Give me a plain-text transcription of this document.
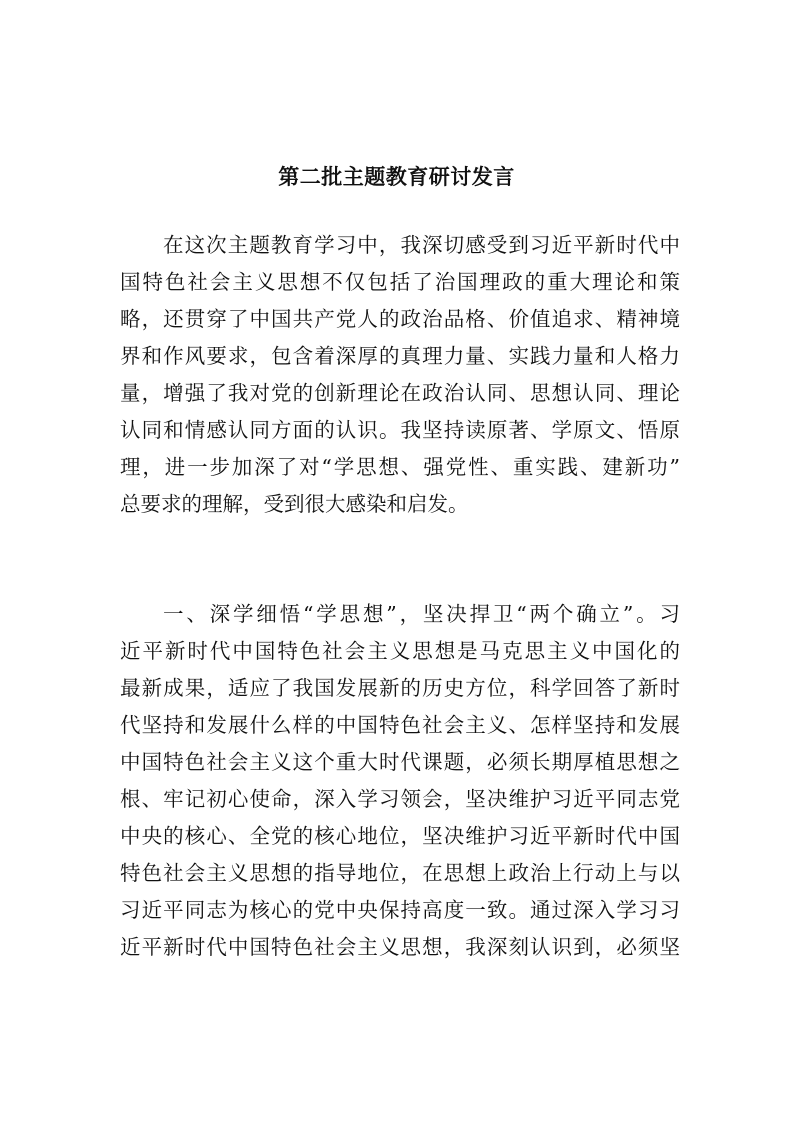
第二批主题教育研讨发言
在这次主题教育学习中，我深切感受到习近平新时代中
国特色社会主义思想不仅包括了治国理政的重大理论和策
略，还贯穿了中国共产党人的政治品格、价值追求、精神境
界和作风要求，包含着深厚的真理力量、实践力量和人格力
量，增强了我对党的创新理论在政治认同、思想认同、理论
认同和情感认同方面的认识。我坚持读原著、学原文、悟原
理，进一步加深了对“学思想、强党性、重实践、建新功”
总要求的理解，受到很大感染和启发。
一、深学细悟“学思想”，坚决捍卫“两个确立”。习
近平新时代中国特色社会主义思想是马克思主义中国化的
最新成果，适应了我国发展新的历史方位，科学回答了新时
代坚持和发展什么样的中国特色社会主义、怎样坚持和发展
中国特色社会主义这个重大时代课题，必须长期厚植思想之
根、牢记初心使命，深入学习领会，坚决维护习近平同志党
中央的核心、全党的核心地位，坚决维护习近平新时代中国
特色社会主义思想的指导地位，在思想上政治上行动上与以
习近平同志为核心的党中央保持高度一致。通过深入学习习
近平新时代中国特色社会主义思想，我深刻认识到，必须坚
